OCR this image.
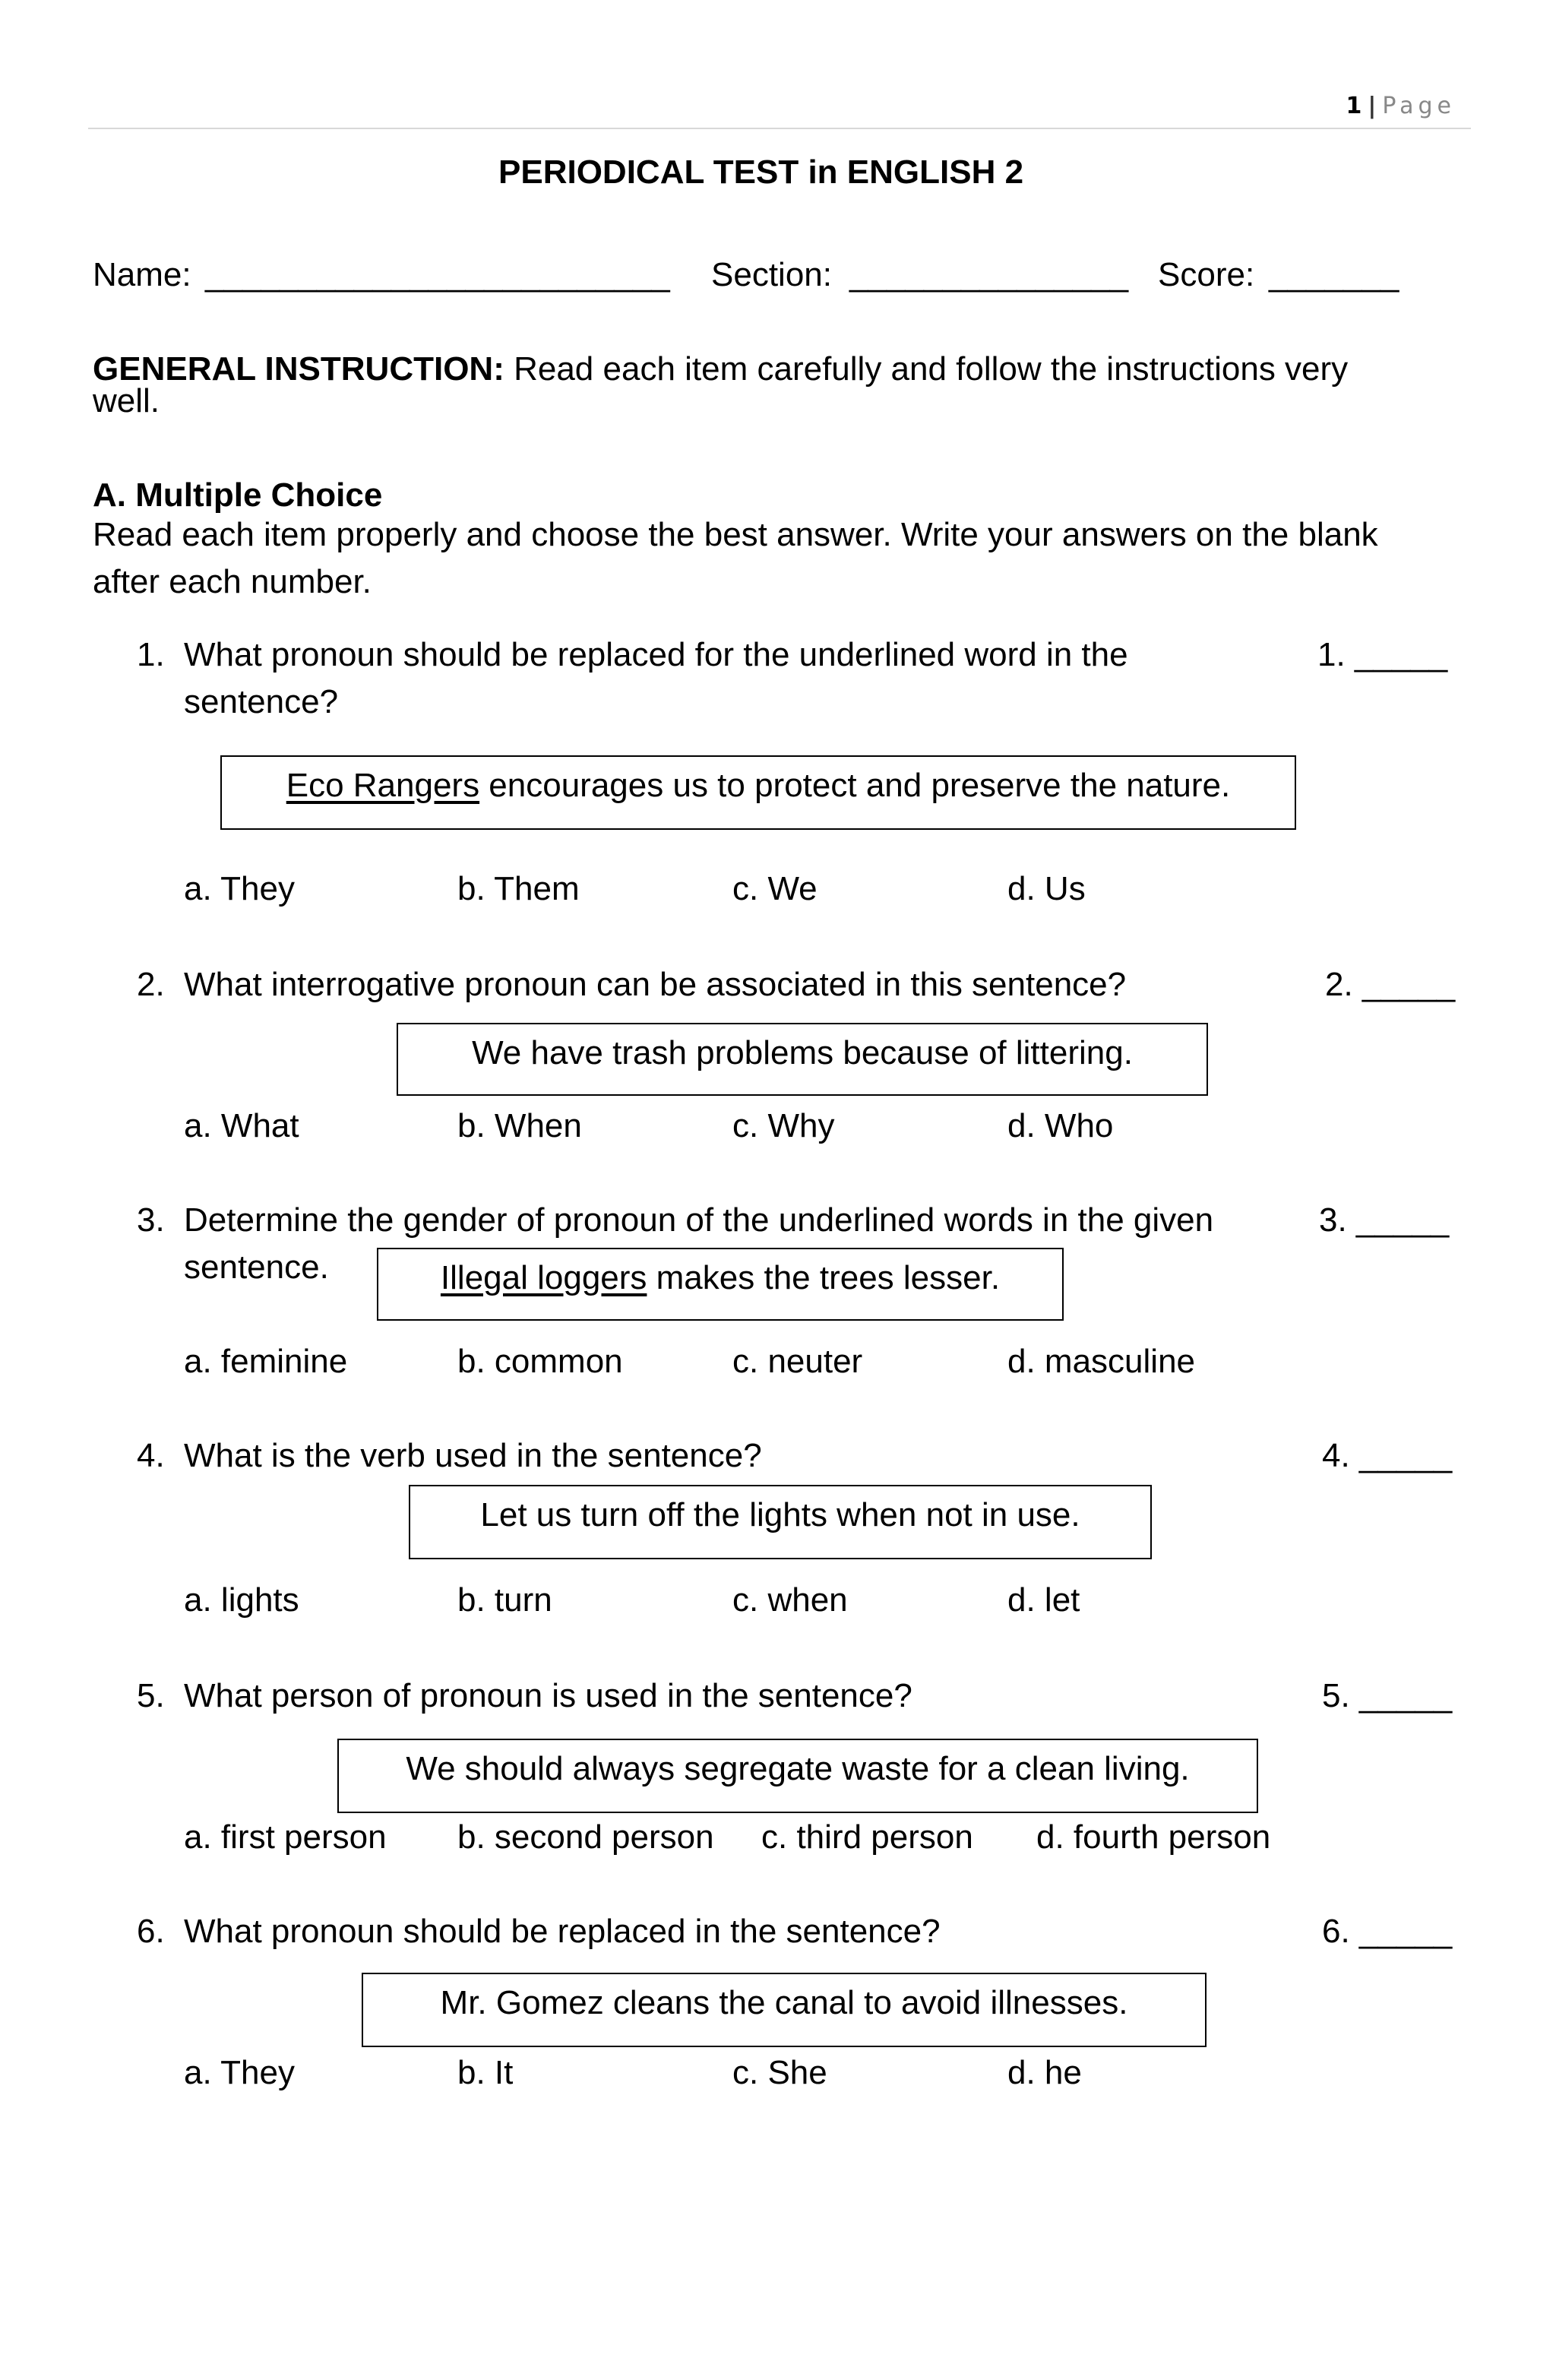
1 | Page
PERIODICAL TEST in ENGLISH 2
Name: _________________________ Section: _______________ Score: _______
GENERAL INSTRUCTION: Read each item carefully and follow the instructions very
well.
A. Multiple Choice
Read each item properly and choose the best answer. Write your answers on the blank
after each number.
1. What pronoun should be replaced for the underlined word in the
sentence?
1. _____
Eco Rangers encourages us to protect and preserve the nature.
a. They	b. Them	c. We	d. Us
2. What interrogative pronoun can be associated in this sentence?	2. _____
We have trash problems because of littering.
a. What	b. When	c. Why	d. Who
3. Determine the gender of pronoun of the underlined words in the given
sentence.
3. _____
Illegal loggers makes the trees lesser.
a. feminine	b. common	c. neuter	d. masculine
4. What is the verb used in the sentence?	4. _____
Let us turn off the lights when not in use.
a. lights	b. turn	c. when	d. let
5. What person of pronoun is used in the sentence?	5. _____
We should always segregate waste for a clean living.
a. first person b. second person c. third person d. fourth person
6. What pronoun should be replaced in the sentence?	6. _____
Mr. Gomez cleans the canal to avoid illnesses.
a. They	b. It	c. She	d. he
